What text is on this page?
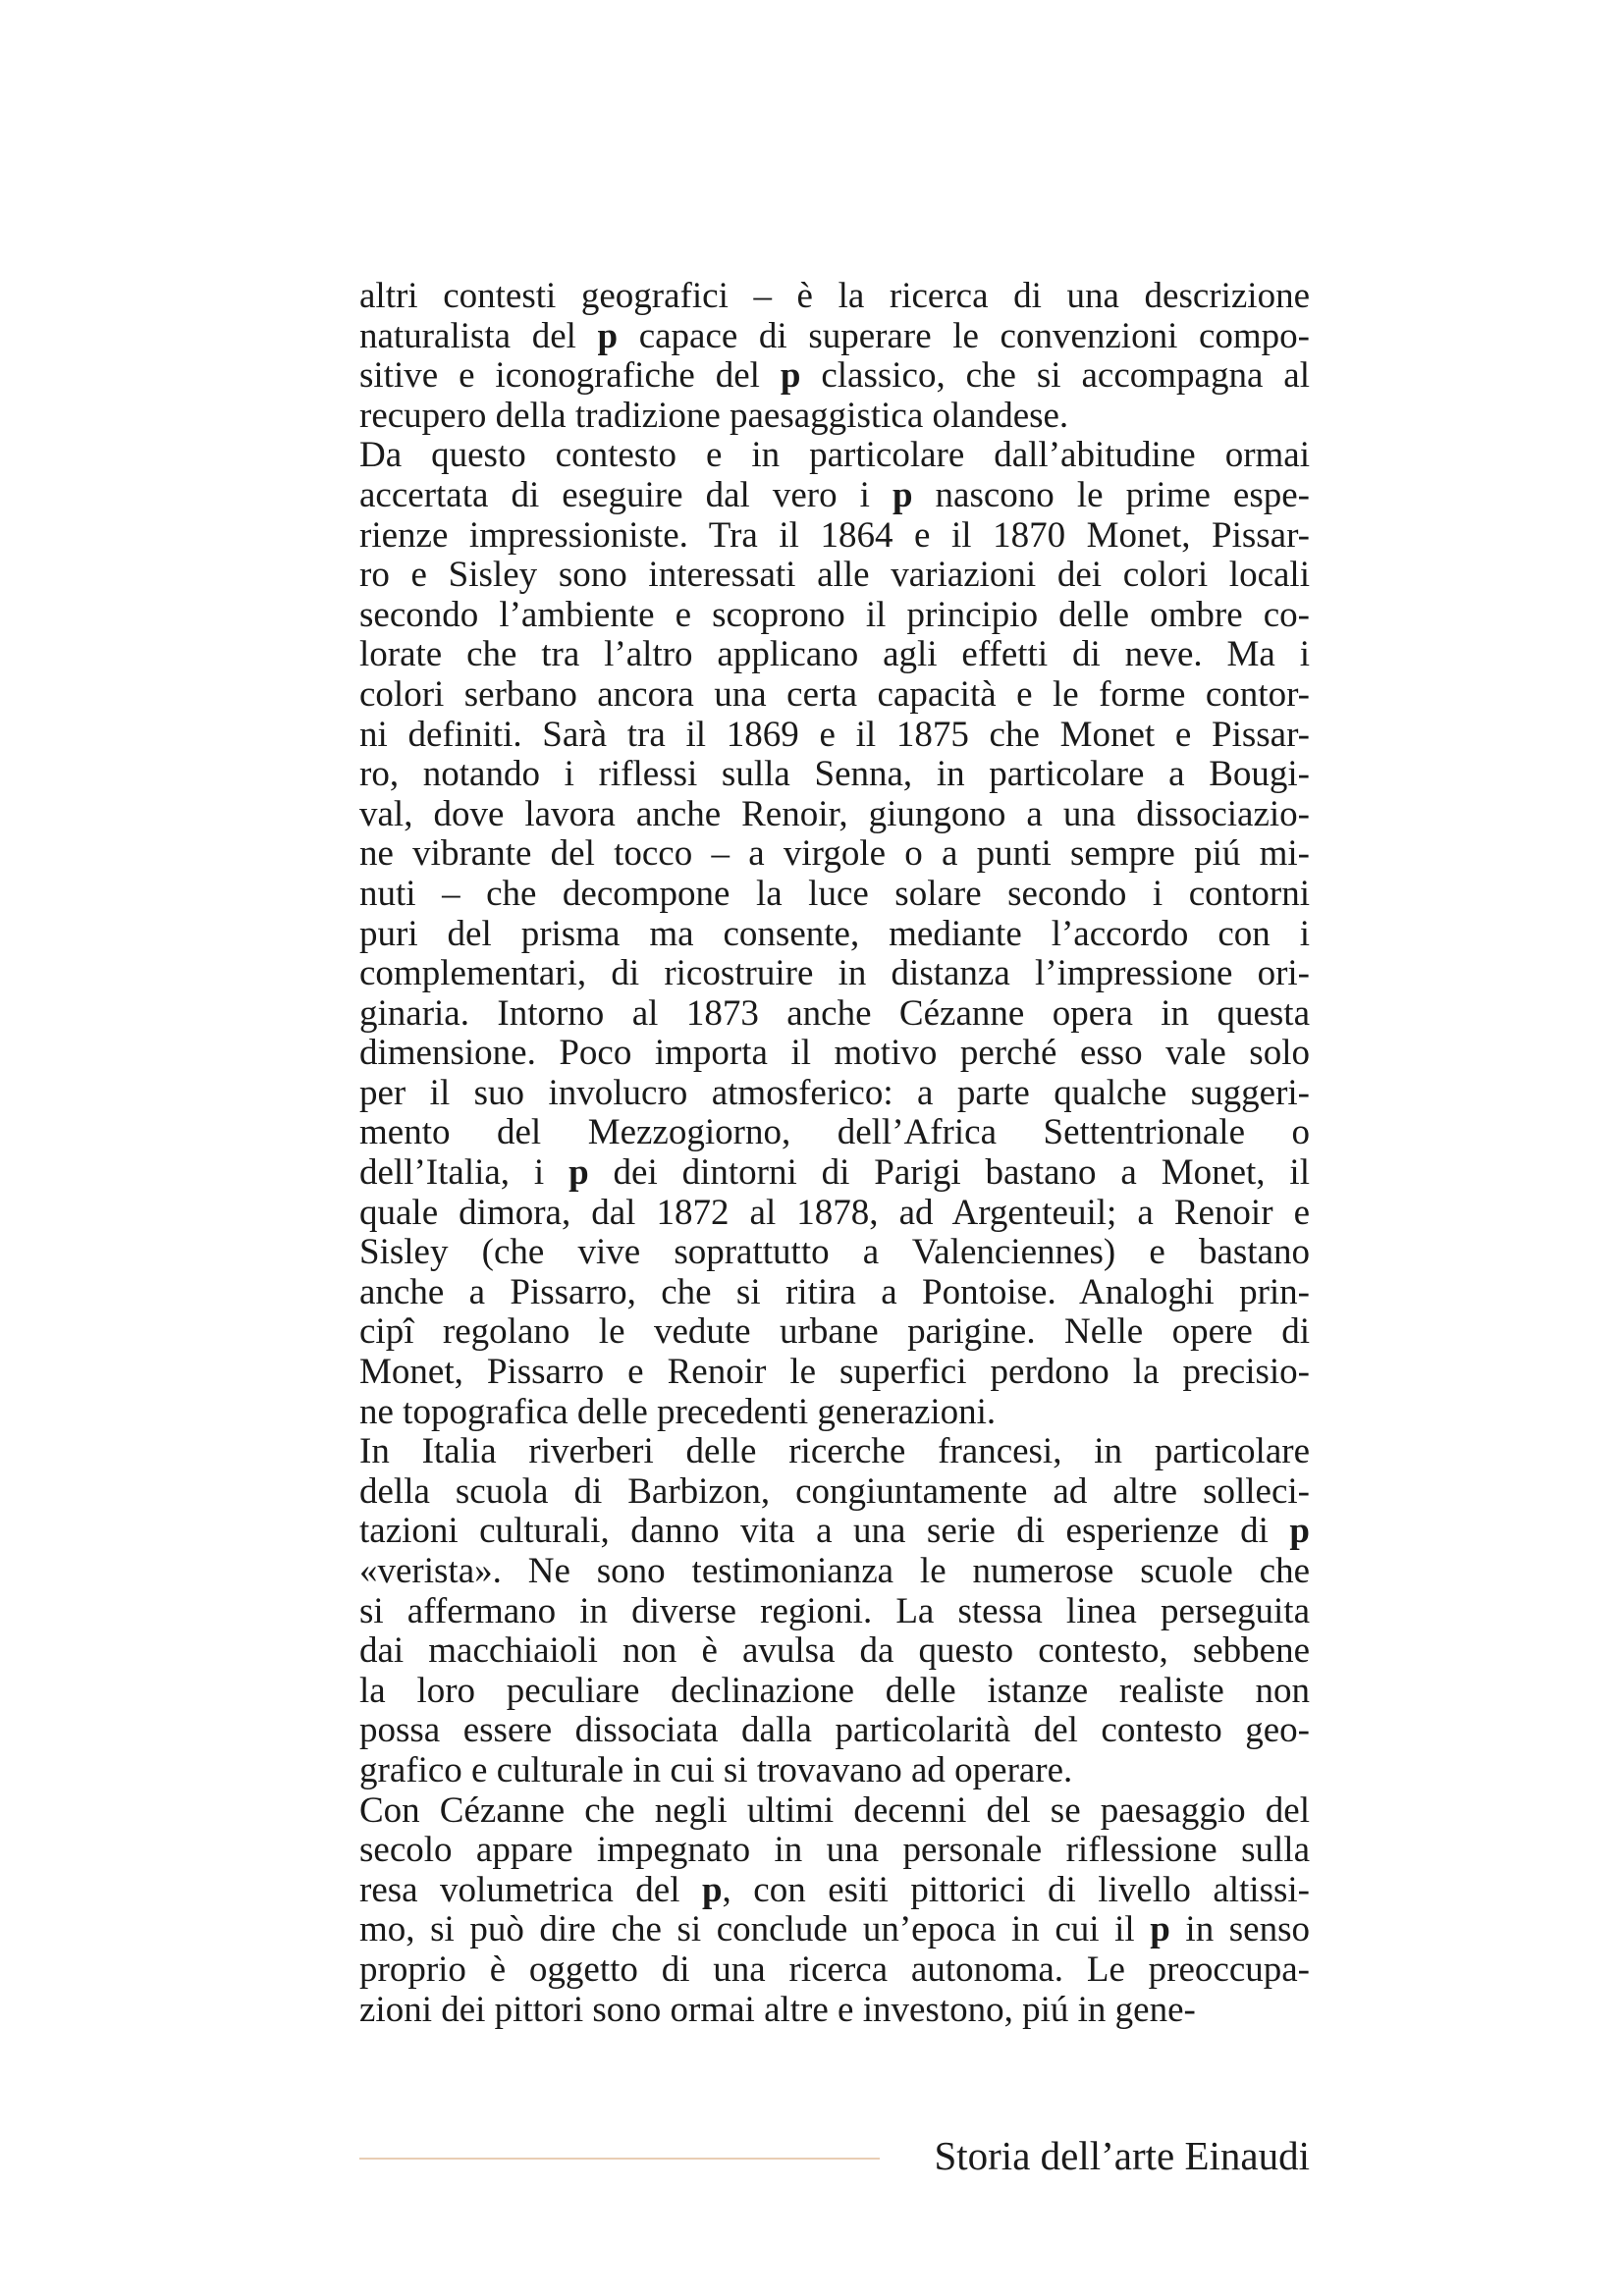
altri contesti geografici – è la ricerca di una descrizione
naturalista del p capace di superare le convenzioni compo-
sitive e iconografiche del p classico, che si accompagna al
recupero della tradizione paesaggistica olandese.
Da questo contesto e in particolare dall’abitudine ormai
accertata di eseguire dal vero i p nascono le prime espe-
rienze impressioniste. Tra il 1864 e il 1870 Monet, Pissar-
ro e Sisley sono interessati alle variazioni dei colori locali
secondo l’ambiente e scoprono il principio delle ombre co-
lorate che tra l’altro applicano agli effetti di neve. Ma i
colori serbano ancora una certa capacità e le forme contor-
ni definiti. Sarà tra il 1869 e il 1875 che Monet e Pissar-
ro, notando i riflessi sulla Senna, in particolare a Bougi-
val, dove lavora anche Renoir, giungono a una dissociazio-
ne vibrante del tocco – a virgole o a punti sempre piú mi-
nuti – che decompone la luce solare secondo i contorni
puri del prisma ma consente, mediante l’accordo con i
complementari, di ricostruire in distanza l’impressione ori-
ginaria. Intorno al 1873 anche Cézanne opera in questa
dimensione. Poco importa il motivo perché esso vale solo
per il suo involucro atmosferico: a parte qualche suggeri-
mento del Mezzogiorno, dell’Africa Settentrionale o
dell’Italia, i p dei dintorni di Parigi bastano a Monet, il
quale dimora, dal 1872 al 1878, ad Argenteuil; a Renoir e
Sisley (che vive soprattutto a Valenciennes) e bastano
anche a Pissarro, che si ritira a Pontoise. Analoghi prin-
cipî regolano le vedute urbane parigine. Nelle opere di
Monet, Pissarro e Renoir le superfici perdono la precisio-
ne topografica delle precedenti generazioni.
In Italia riverberi delle ricerche francesi, in particolare
della scuola di Barbizon, congiuntamente ad altre solleci-
tazioni culturali, danno vita a una serie di esperienze di p
«verista». Ne sono testimonianza le numerose scuole che
si affermano in diverse regioni. La stessa linea perseguita
dai macchiaioli non è avulsa da questo contesto, sebbene
la loro peculiare declinazione delle istanze realiste non
possa essere dissociata dalla particolarità del contesto geo-
grafico e culturale in cui si trovavano ad operare.
Con Cézanne che negli ultimi decenni del se paesaggio del
secolo appare impegnato in una personale riflessione sulla
resa volumetrica del p, con esiti pittorici di livello altissi-
mo, si può dire che si conclude un’epoca in cui il p in senso
proprio è oggetto di una ricerca autonoma. Le preoccupa-
zioni dei pittori sono ormai altre e investono, piú in gene-
Storia dell’arte Einaudi
